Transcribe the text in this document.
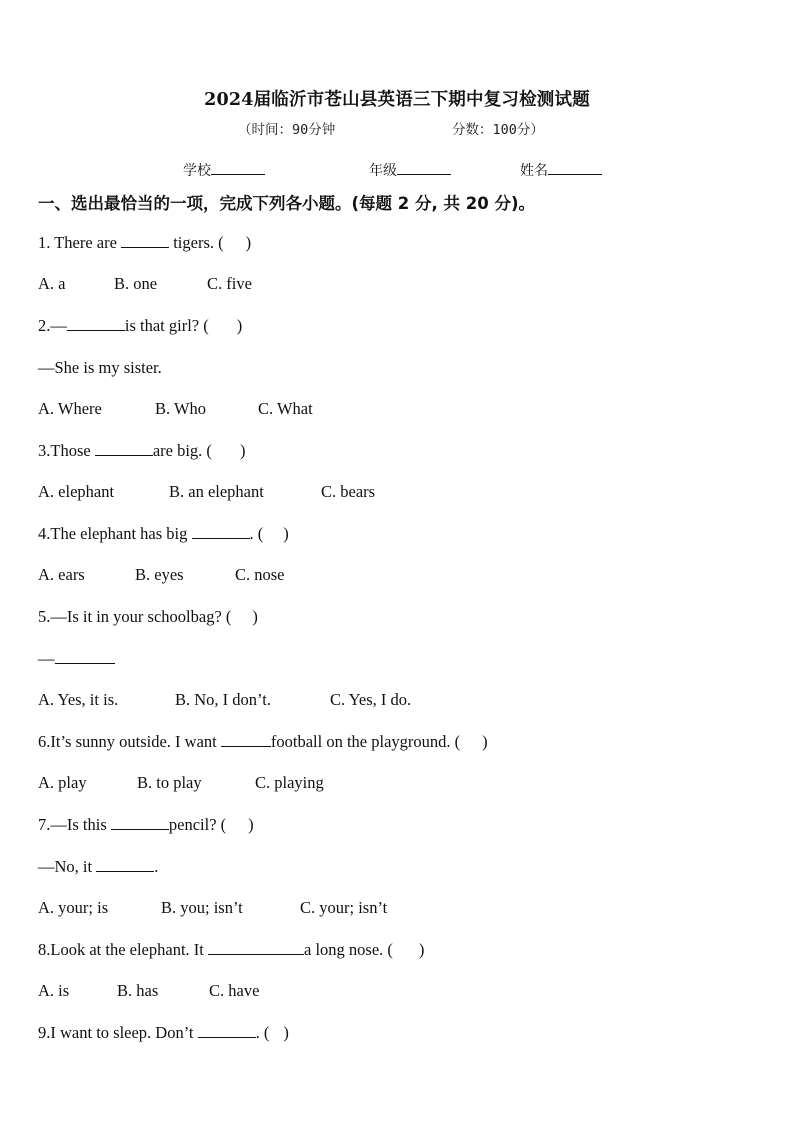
2024届临沂市苍山县英语三下期中复习检测试题
（时间：90分钟	分数：100分）
学校	年级	姓名
一、选出最恰当的一项，完成下列各小题。(每题 2 分, 共 20 分)。
1. There are	tigers. ( )
A. a	B. one	C. five
2.—	is that girl? ( )
—She is my sister.
A. Where	B. Who	C. What
3.Those	are big. ( )
A. elephant	B. an elephant	C. bears
4.The elephant has big	. ( )
A. ears	B. eyes	C. nose
5.—Is it in your schoolbag? ( )
—
A. Yes, it is.	B. No, I don’t.	C. Yes, I do.
6.It’s sunny outside. I want	football on the playground. ( )
A. play	B. to play	C. playing
7.—Is this	pencil? ( )
—No, it	.
A. your; is	B. you; isn’t	C. your; isn’t
8.Look at the elephant. It	a long nose. ( )
A. is	B. has	C. have
9.I want to sleep. Don’t	. ( )
